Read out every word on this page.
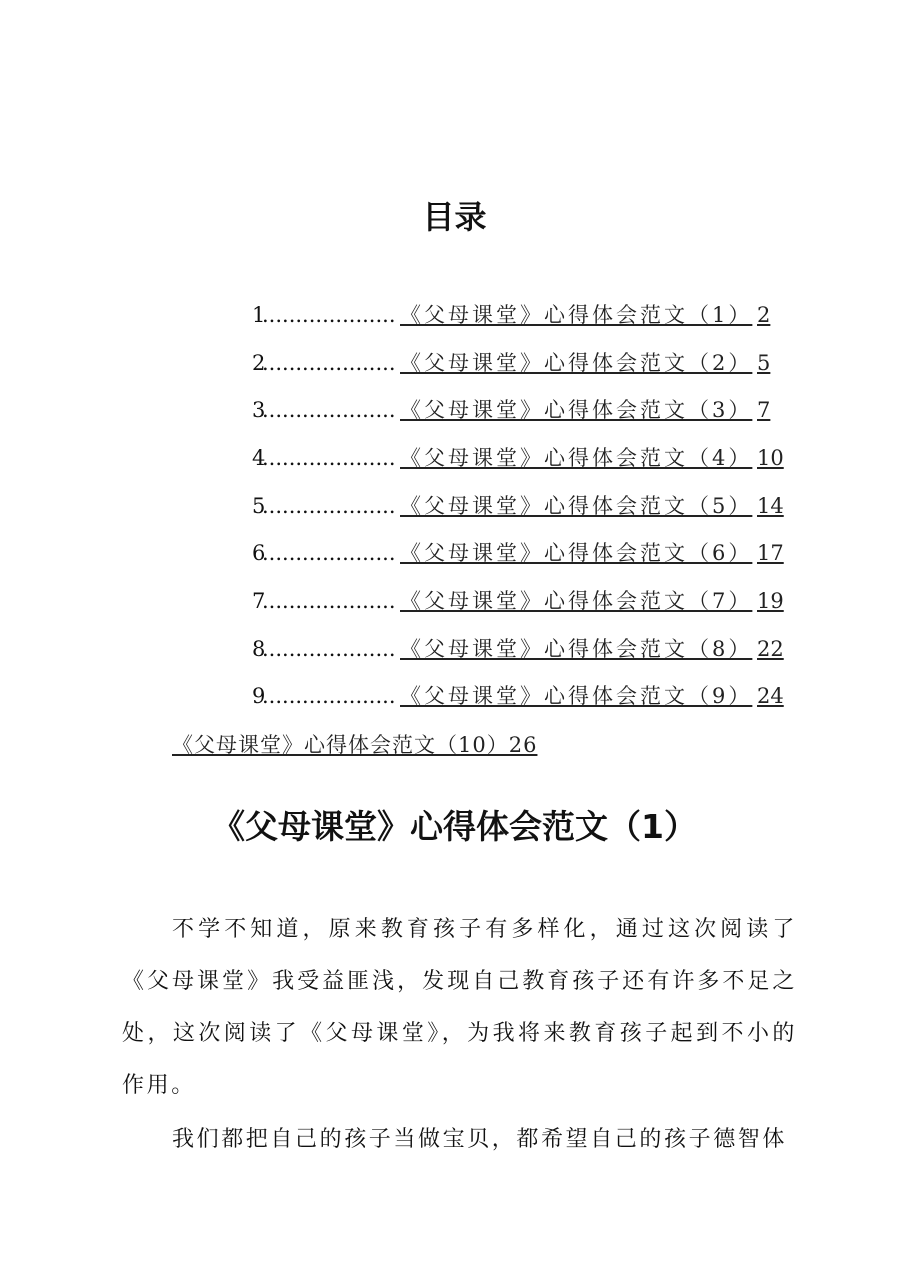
目录
1.................... 《父母课堂》心得体会范文（1） 2
2.................... 《父母课堂》心得体会范文（2） 5
3.................... 《父母课堂》心得体会范文（3） 7
4.................... 《父母课堂》心得体会范文（4） 10
5.................... 《父母课堂》心得体会范文（5） 14
6.................... 《父母课堂》心得体会范文（6） 17
7.................... 《父母课堂》心得体会范文（7） 19
8.................... 《父母课堂》心得体会范文（8） 22
9.................... 《父母课堂》心得体会范文（9） 24
《父母课堂》心得体会范文（10）26
《父母课堂》心得体会范文（1）

不学不知道，原来教育孩子有多样化，通过这次阅读了《父母课堂》我受益匪浅，发现自己教育孩子还有许多不足之处，这次阅读了《父母课堂》，为我将来教育孩子起到不小的作用。

我们都把自己的孩子当做宝贝，都希望自己的孩子德智体
